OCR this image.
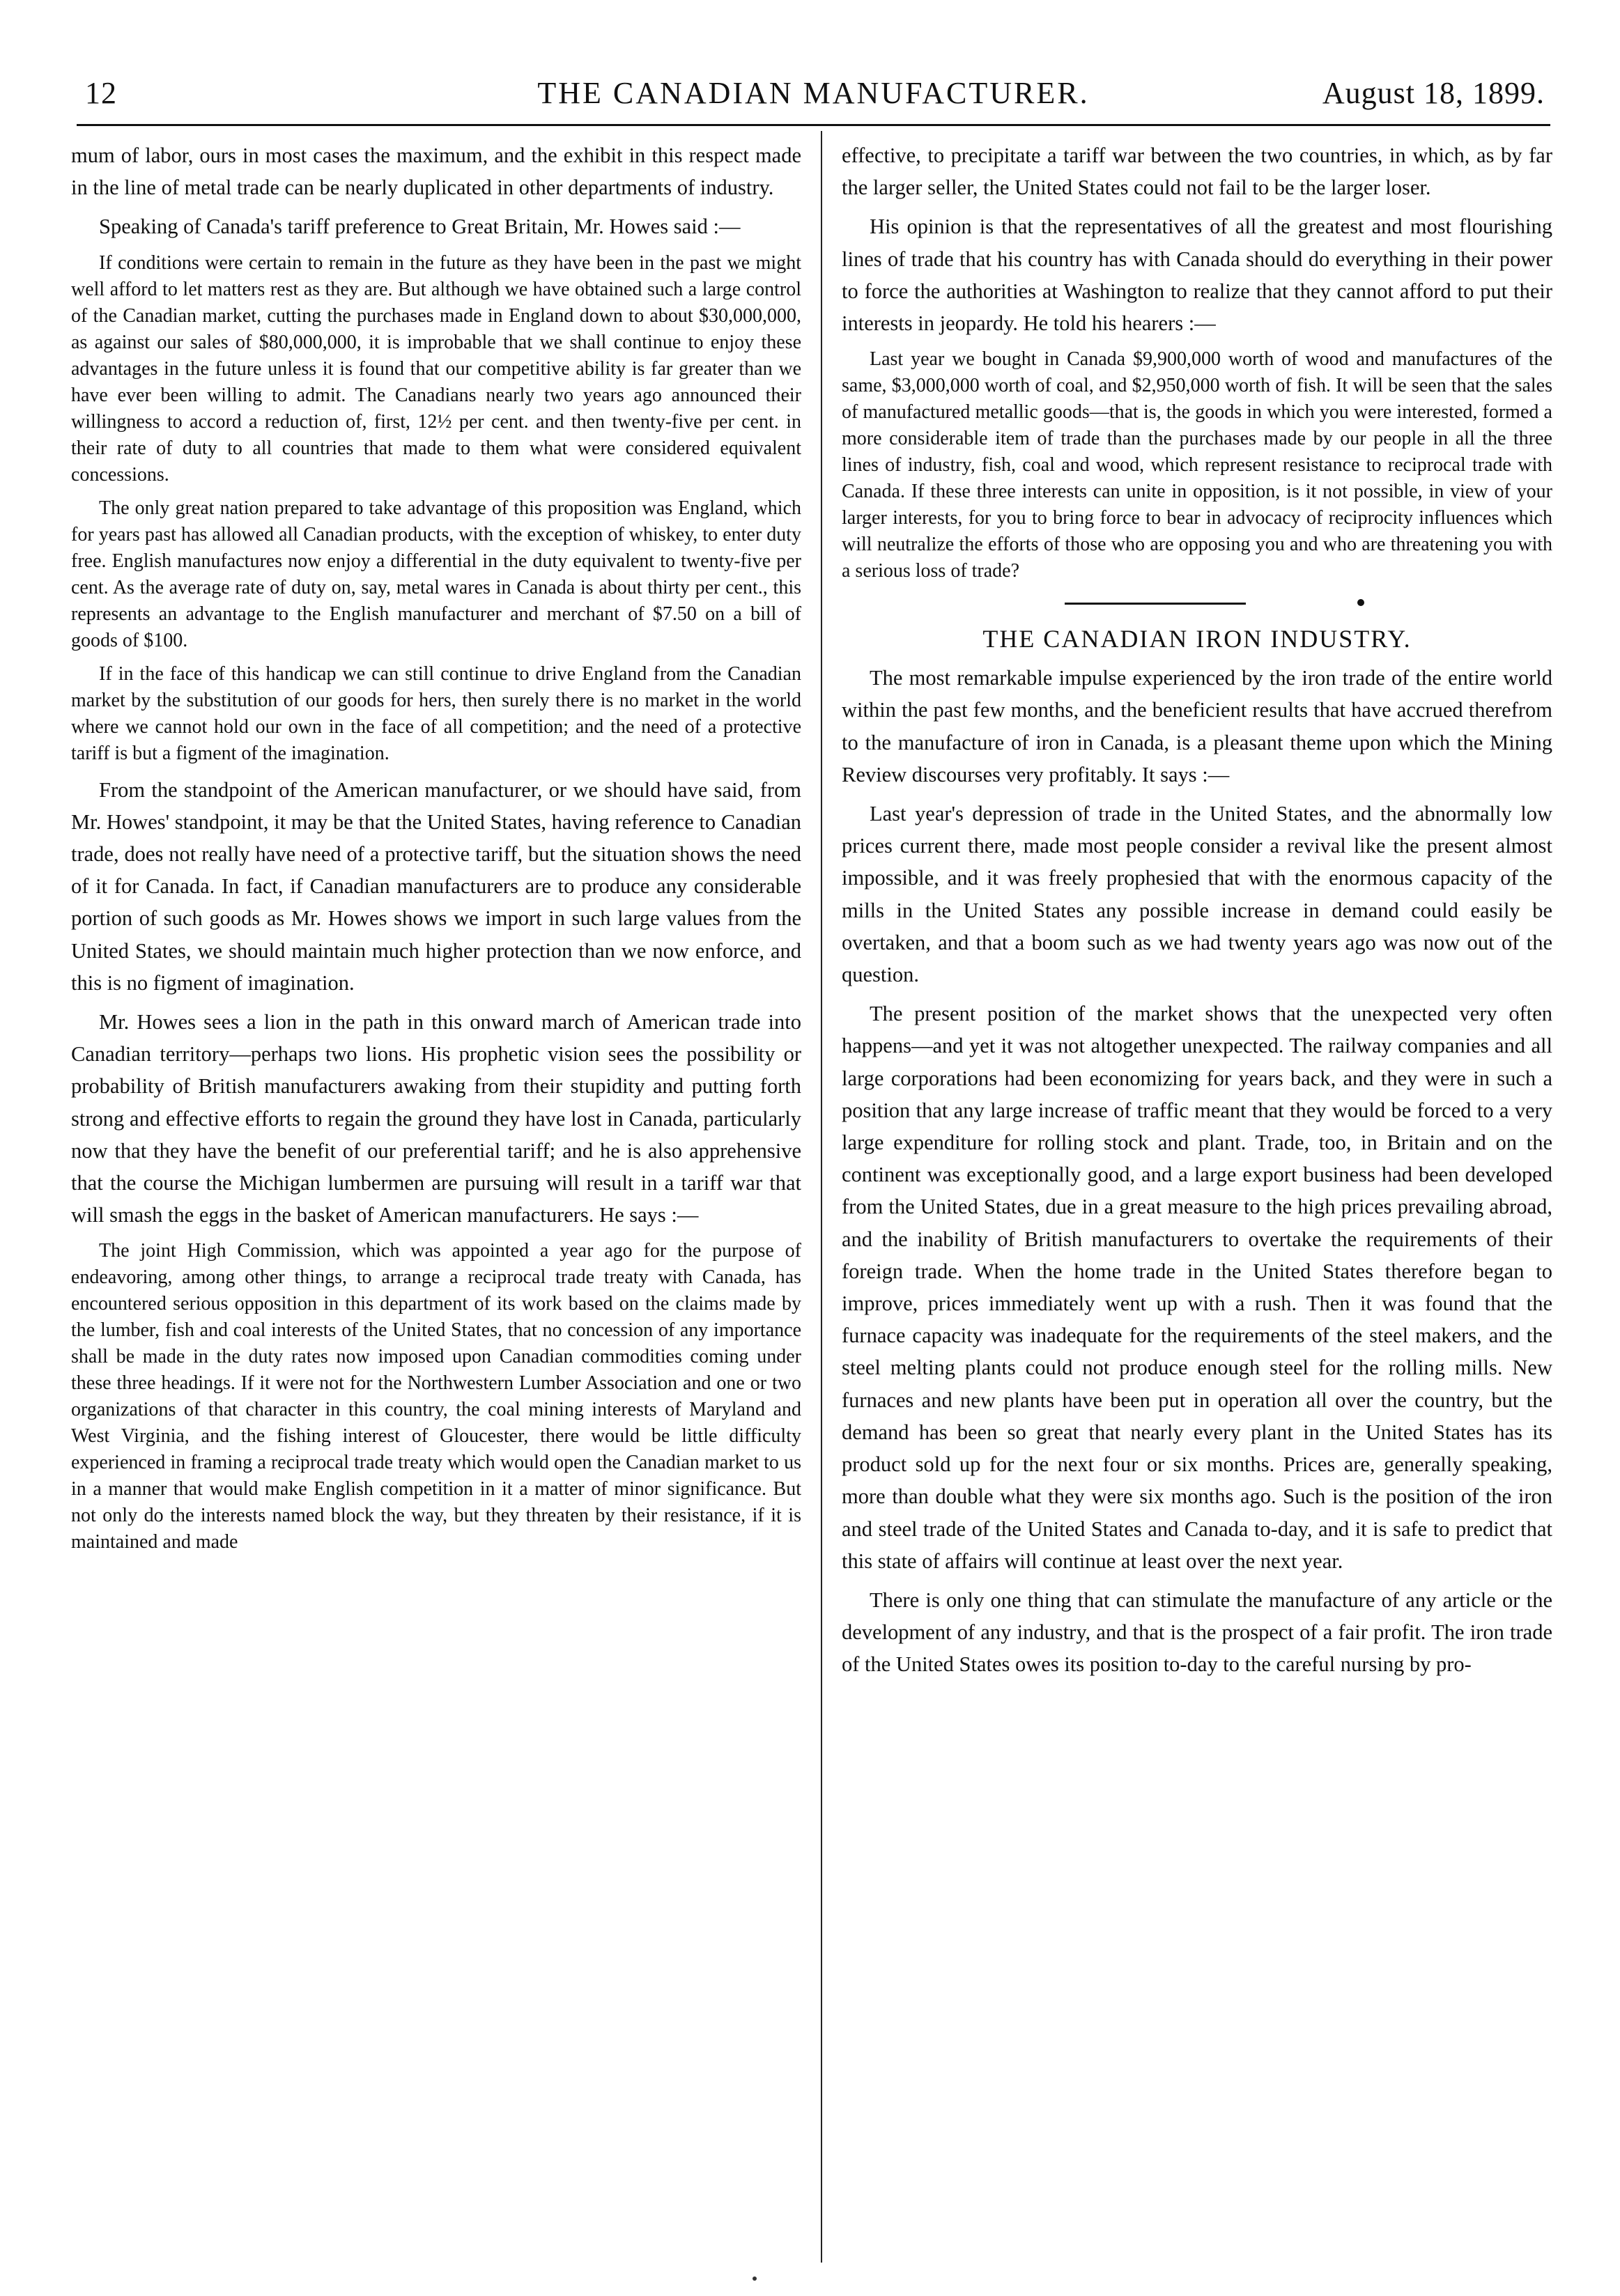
12	THE CANADIAN MANUFACTURER.	August 18, 1899.

mum of labor, ours in most cases the maximum, and the exhibit in this respect made in the line of metal trade can be nearly duplicated in other departments of industry.

Speaking of Canada's tariff preference to Great Britain, Mr. Howes said :—

If conditions were certain to remain in the future as they have been in the past we might well afford to let matters rest as they are. But although we have obtained such a large control of the Canadian market, cutting the purchases made in England down to about $30,000,000, as against our sales of $80,000,000, it is improbable that we shall continue to enjoy these advantages in the future unless it is found that our competitive ability is far greater than we have ever been willing to admit. The Canadians nearly two years ago announced their willingness to accord a reduction of, first, 12½ per cent. and then twenty-five per cent. in their rate of duty to all countries that made to them what were considered equivalent concessions.

The only great nation prepared to take advantage of this proposition was England, which for years past has allowed all Canadian products, with the exception of whiskey, to enter duty free. English manufactures now enjoy a differential in the duty equivalent to twenty-five per cent. As the average rate of duty on, say, metal wares in Canada is about thirty per cent., this represents an advantage to the English manufacturer and merchant of $7.50 on a bill of goods of $100.

If in the face of this handicap we can still continue to drive England from the Canadian market by the substitution of our goods for hers, then surely there is no market in the world where we cannot hold our own in the face of all competition; and the need of a protective tariff is but a figment of the imagination.

From the standpoint of the American manufacturer, or we should have said, from Mr. Howes' standpoint, it may be that the United States, having reference to Canadian trade, does not really have need of a protective tariff, but the situation shows the need of it for Canada. In fact, if Canadian manufacturers are to produce any considerable portion of such goods as Mr. Howes shows we import in such large values from the United States, we should maintain much higher protection than we now enforce, and this is no figment of imagination.

Mr. Howes sees a lion in the path in this onward march of American trade into Canadian territory—perhaps two lions. His prophetic vision sees the possibility or probability of British manufacturers awaking from their stupidity and putting forth strong and effective efforts to regain the ground they have lost in Canada, particularly now that they have the benefit of our preferential tariff; and he is also apprehensive that the course the Michigan lumbermen are pursuing will result in a tariff war that will smash the eggs in the basket of American manufacturers. He says :—

The joint High Commission, which was appointed a year ago for the purpose of endeavoring, among other things, to arrange a reciprocal trade treaty with Canada, has encountered serious opposition in this department of its work based on the claims made by the lumber, fish and coal interests of the United States, that no concession of any importance shall be made in the duty rates now imposed upon Canadian commodities coming under these three headings. If it were not for the Northwestern Lumber Association and one or two organizations of that character in this country, the coal mining interests of Maryland and West Virginia, and the fishing interest of Gloucester, there would be little difficulty experienced in framing a reciprocal trade treaty which would open the Canadian market to us in a manner that would make English competition in it a matter of minor significance. But not only do the interests named block the way, but they threaten by their resistance, if it is maintained and made

effective, to precipitate a tariff war between the two countries, in which, as by far the larger seller, the United States could not fail to be the larger loser.

His opinion is that the representatives of all the greatest and most flourishing lines of trade that his country has with Canada should do everything in their power to force the authorities at Washington to realize that they cannot afford to put their interests in jeopardy. He told his hearers :—

Last year we bought in Canada $9,900,000 worth of wood and manufactures of the same, $3,000,000 worth of coal, and $2,950,000 worth of fish. It will be seen that the sales of manufactured metallic goods—that is, the goods in which you were interested, formed a more considerable item of trade than the purchases made by our people in all the three lines of industry, fish, coal and wood, which represent resistance to reciprocal trade with Canada. If these three interests can unite in opposition, is it not possible, in view of your larger interests, for you to bring force to bear in advocacy of reciprocity influences which will neutralize the efforts of those who are opposing you and who are threatening you with a serious loss of trade?

THE CANADIAN IRON INDUSTRY.

The most remarkable impulse experienced by the iron trade of the entire world within the past few months, and the beneficient results that have accrued therefrom to the manufacture of iron in Canada, is a pleasant theme upon which the Mining Review discourses very profitably. It says :—

Last year's depression of trade in the United States, and the abnormally low prices current there, made most people consider a revival like the present almost impossible, and it was freely prophesied that with the enormous capacity of the mills in the United States any possible increase in demand could easily be overtaken, and that a boom such as we had twenty years ago was now out of the question.

The present position of the market shows that the unexpected very often happens—and yet it was not altogether unexpected. The railway companies and all large corporations had been economizing for years back, and they were in such a position that any large increase of traffic meant that they would be forced to a very large expenditure for rolling stock and plant. Trade, too, in Britain and on the continent was exceptionally good, and a large export business had been developed from the United States, due in a great measure to the high prices prevailing abroad, and the inability of British manufacturers to overtake the requirements of their foreign trade. When the home trade in the United States therefore began to improve, prices immediately went up with a rush. Then it was found that the furnace capacity was inadequate for the requirements of the steel makers, and the steel melting plants could not produce enough steel for the rolling mills. New furnaces and new plants have been put in operation all over the country, but the demand has been so great that nearly every plant in the United States has its product sold up for the next four or six months. Prices are, generally speaking, more than double what they were six months ago. Such is the position of the iron and steel trade of the United States and Canada to-day, and it is safe to predict that this state of affairs will continue at least over the next year.

There is only one thing that can stimulate the manufacture of any article or the development of any industry, and that is the prospect of a fair profit. The iron trade of the United States owes its position to-day to the careful nursing by pro-
